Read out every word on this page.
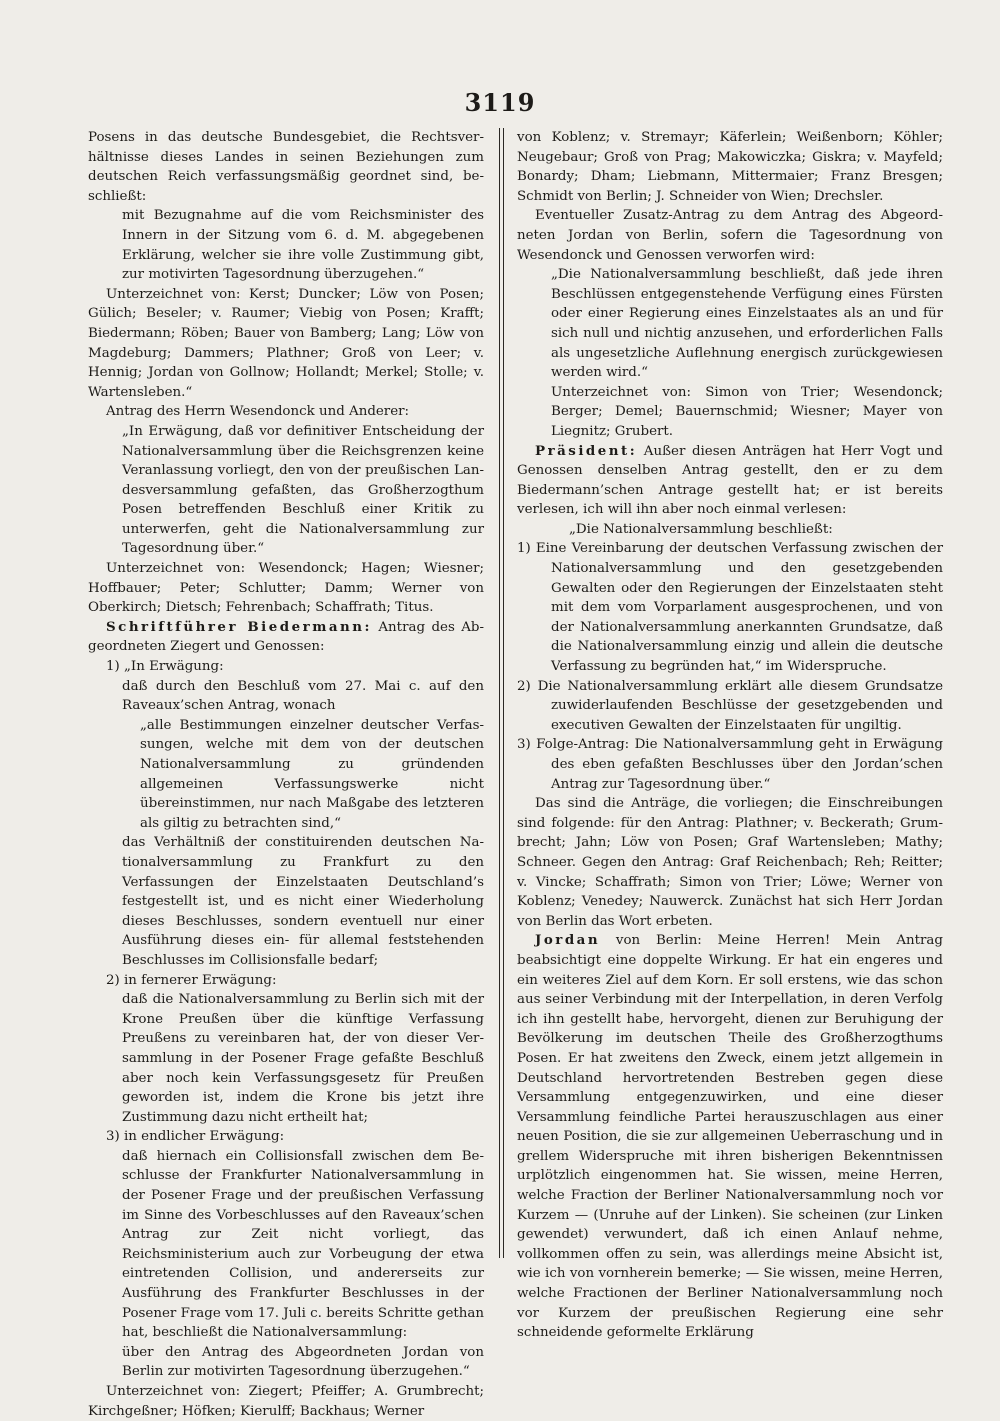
3119

Posens in das deutsche Bundesgebiet, die Rechtsverhältnisse dieses Landes in seinen Beziehungen zum deutschen Reich verfassungsmäßig geordnet sind, beschließt:

mit Bezugnahme auf die vom Reichsminister des Innern in der Sitzung vom 6. d. M. abgegebenen Erklärung, welcher sie ihre volle Zustimmung gibt, zur motivirten Tagesordnung überzugehen.“

Unterzeichnet von: Kerst; Duncker; Löw von Posen; Gülich; Beseler; v. Raumer; Viebig von Posen; Krafft; Biedermann; Röben; Bauer von Bamberg; Lang; Löw von Magdeburg; Dammers; Plathner; Groß von Leer; v. Hennig; Jordan von Gollnow; Hollandt; Merkel; Stolle; v. Wartensleben.“

Antrag des Herrn Wesendonck und Anderer:

„In Erwägung, daß vor definitiver Entscheidung der Nationalversammlung über die Reichsgrenzen keine Veranlassung vorliegt, den von der preußischen Landesversammlung gefaßten, das Großherzogthum Posen betreffenden Beschluß einer Kritik zu unterwerfen, geht die Nationalversammlung zur Tagesordnung über.“

Unterzeichnet von: Wesendonck; Hagen; Wiesner; Hoffbauer; Peter; Schlutter; Damm; Werner von Oberkirch; Dietsch; Fehrenbach; Schaffrath; Titus.

Schriftführer Biedermann: Antrag des Abgeordneten Ziegert und Genossen:

1) „In Erwägung:

daß durch den Beschluß vom 27. Mai c. auf den Raveaux’schen Antrag, wonach

„alle Bestimmungen einzelner deutscher Verfassungen, welche mit dem von der deutschen Nationalversammlung zu gründenden allgemeinen Verfassungswerke nicht übereinstimmen, nur nach Maßgabe des letzteren als giltig zu betrachten sind,“

das Verhältniß der constituirenden deutschen Nationalversammlung zu Frankfurt zu den Verfassungen der Einzelstaaten Deutschland’s festgestellt ist, und es nicht einer Wiederholung dieses Beschlusses, sondern eventuell nur einer Ausführung dieses ein- für allemal feststehenden Beschlusses im Collisionsfalle bedarf;

2) in fernerer Erwägung:

daß die Nationalversammlung zu Berlin sich mit der Krone Preußen über die künftige Verfassung Preußens zu vereinbaren hat, der von dieser Versammlung in der Posener Frage gefaßte Beschluß aber noch kein Verfassungsgesetz für Preußen geworden ist, indem die Krone bis jetzt ihre Zustimmung dazu nicht ertheilt hat;

3) in endlicher Erwägung:

daß hiernach ein Collisionsfall zwischen dem Beschlusse der Frankfurter Nationalversammlung in der Posener Frage und der preußischen Verfassung im Sinne des Vorbeschlusses auf den Raveaux’schen Antrag zur Zeit nicht vorliegt, das Reichsministerium auch zur Vorbeugung der etwa eintretenden Collision, und andererseits zur Ausführung des Frankfurter Beschlusses in der Posener Frage vom 17. Juli c. bereits Schritte gethan hat, beschließt die Nationalversammlung:

über den Antrag des Abgeordneten Jordan von Berlin zur motivirten Tagesordnung überzugehen.“

Unterzeichnet von: Ziegert; Pfeiffer; A. Grumbrecht; Kirchgeßner; Höfken; Kierulff; Backhaus; Werner

von Koblenz; v. Stremayr; Käferlein; Weißenborn; Köhler; Neugebaur; Groß von Prag; Makowiczka; Giskra; v. Mayfeld; Bonardy; Dham; Liebmann, Mittermaier; Franz Bresgen; Schmidt von Berlin; J. Schneider von Wien; Drechsler.

Eventueller Zusatz-Antrag zu dem Antrag des Abgeordneten Jordan von Berlin, sofern die Tagesordnung von Wesendonck und Genossen verworfen wird:

„Die Nationalversammlung beschließt, daß jede ihren Beschlüssen entgegenstehende Verfügung eines Fürsten oder einer Regierung eines Einzelstaates als an und für sich null und nichtig anzusehen, und erforderlichen Falls als ungesetzliche Auflehnung energisch zurückgewiesen werden wird.“

Unterzeichnet von: Simon von Trier; Wesendonck; Berger; Demel; Bauernschmid; Wiesner; Mayer von Liegnitz; Grubert.

Präsident: Außer diesen Anträgen hat Herr Vogt und Genossen denselben Antrag gestellt, den er zu dem Biedermann’schen Antrage gestellt hat; er ist bereits verlesen, ich will ihn aber noch einmal verlesen:

„Die Nationalversammlung beschließt:

1) Eine Vereinbarung der deutschen Verfassung zwischen der Nationalversammlung und den gesetzgebenden Gewalten oder den Regierungen der Einzelstaaten steht mit dem vom Vorparlament ausgesprochenen, und von der Nationalversammlung anerkannten Grundsatze, daß die Nationalversammlung einzig und allein die deutsche Verfassung zu begründen hat,“ im Widerspruche.

2) Die Nationalversammlung erklärt alle diesem Grundsatze zuwiderlaufenden Beschlüsse der gesetzgebenden und executiven Gewalten der Einzelstaaten für ungiltig.

3) Folge-Antrag: Die Nationalversammlung geht in Erwägung des eben gefaßten Beschlusses über den Jordan’schen Antrag zur Tagesordnung über.“

Das sind die Anträge, die vorliegen; die Einschreibungen sind folgende: für den Antrag: Plathner; v. Beckerath; Grumbrecht; Jahn; Löw von Posen; Graf Wartensleben; Mathy; Schneer. Gegen den Antrag: Graf Reichenbach; Reh; Reitter; v. Vincke; Schaffrath; Simon von Trier; Löwe; Werner von Koblenz; Venedey; Nauwerck. Zunächst hat sich Herr Jordan von Berlin das Wort erbeten.

Jordan von Berlin: Meine Herren! Mein Antrag beabsichtigt eine doppelte Wirkung. Er hat ein engeres und ein weiteres Ziel auf dem Korn. Er soll erstens, wie das schon aus seiner Verbindung mit der Interpellation, in deren Verfolg ich ihn gestellt habe, hervorgeht, dienen zur Beruhigung der Bevölkerung im deutschen Theile des Großherzogthums Posen. Er hat zweitens den Zweck, einem jetzt allgemein in Deutschland hervortretenden Bestreben gegen diese Versammlung entgegenzuwirken, und eine dieser Versammlung feindliche Partei herauszuschlagen aus einer neuen Position, die sie zur allgemeinen Ueberraschung und in grellem Widerspruche mit ihren bisherigen Bekenntnissen urplötzlich eingenommen hat. Sie wissen, meine Herren, welche Fraction der Berliner Nationalversammlung noch vor Kurzem — (Unruhe auf der Linken). Sie scheinen (zur Linken gewendet) verwundert, daß ich einen Anlauf nehme, vollkommen offen zu sein, was allerdings meine Absicht ist, wie ich von vornherein bemerke; — Sie wissen, meine Herren, welche Fractionen der Berliner Nationalversammlung noch vor Kurzem der preußischen Regierung eine sehr schneidende geformelte Erklärung
